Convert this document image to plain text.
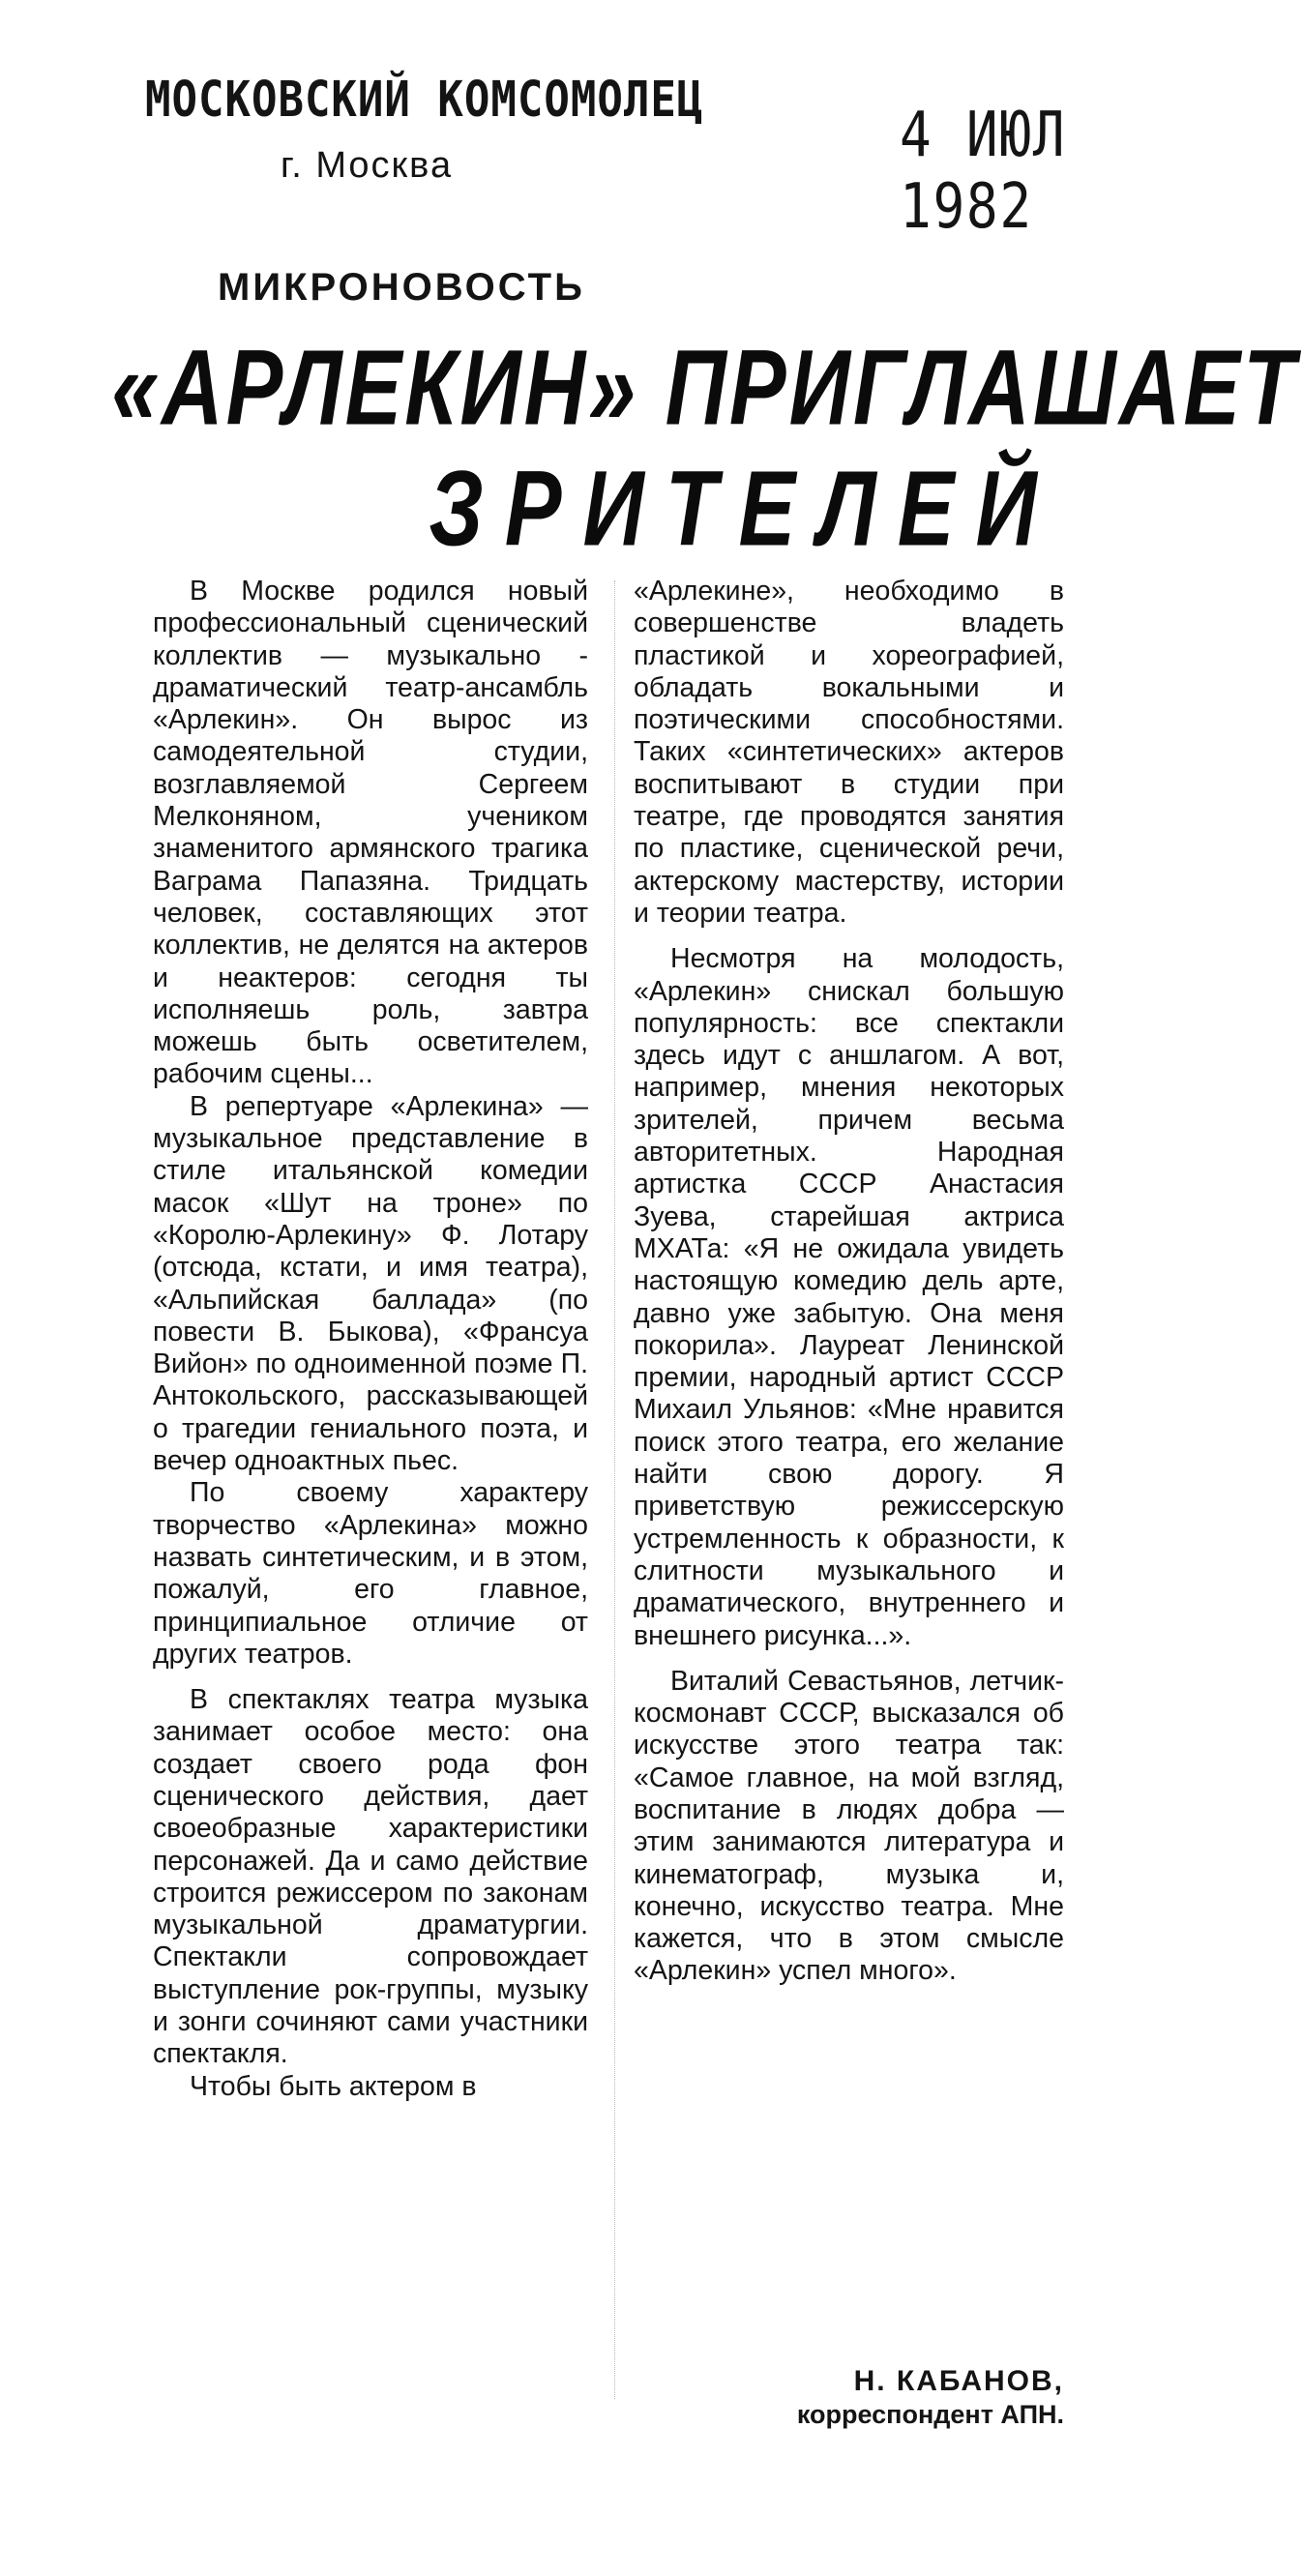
МОСКОВСКИЙ КОМСОМОЛЕЦ
г. Москва	4 ИЮЛ 1982
МИКРОНОВОСТЬ
«АРЛЕКИН» ПРИГЛАШАЕТ
ЗРИТЕЛЕЙ

В Москве родился новый профессиональный сценический коллектив — музыкально - драматический театр-ансамбль «Арлекин». Он вырос из самодеятельной студии, возглавляемой Сергеем Мелконяном, учеником знаменитого армянского трагика Ваграма Папазяна. Тридцать человек, составляющих этот коллектив, не делятся на актеров и неактеров: сегодня ты исполняешь роль, завтра можешь быть осветителем, рабочим сцены...

В репертуаре «Арлекина» — музыкальное представление в стиле итальянской комедии масок «Шут на троне» по «Королю-Арлекину» Ф. Лотару (отсюда, кстати, и имя театра), «Альпийская баллада» (по повести В. Быкова), «Франсуа Вийон» по одноименной поэме П. Антокольского, рассказывающей о трагедии гениального поэта, и вечер одноактных пьес.

По своему характеру творчество «Арлекина» можно назвать синтетическим, и в этом, пожалуй, его главное, принципиальное отличие от других театров.

В спектаклях театра музыка занимает особое место: она создает своего рода фон сценического действия, дает своеобразные характеристики персонажей. Да и само действие строится режиссером по законам музыкальной драматургии. Спектакли сопровождает выступление рок-группы, музыку и зонги сочиняют сами участники спектакля.

Чтобы быть актером в

«Арлекине», необходимо в совершенстве владеть пластикой и хореографией, обладать вокальными и поэтическими способностями. Таких «синтетических» актеров воспитывают в студии при театре, где проводятся занятия по пластике, сценической речи, актерскому мастерству, истории и теории театра.

Несмотря на молодость, «Арлекин» снискал большую популярность: все спектакли здесь идут с аншлагом. А вот, например, мнения некоторых зрителей, причем весьма авторитетных. Народная артистка СССР Анастасия Зуева, старейшая актриса МХАТа: «Я не ожидала увидеть настоящую комедию дель арте, давно уже забытую. Она меня покорила». Лауреат Ленинской премии, народный артист СССР Михаил Ульянов: «Мне нравится поиск этого театра, его желание найти свою дорогу. Я приветствую режиссерскую устремленность к образности, к слитности музыкального и драматического, внутреннего и внешнего рисунка...».

Виталий Севастьянов, летчик-космонавт СССР, высказался об искусстве этого театра так: «Самое главное, на мой взгляд, воспитание в людях добра — этим занимаются литература и кинематограф, музыка и, конечно, искусство театра. Мне кажется, что в этом смысле «Арлекин» успел много».

Н. КАБАНОВ,
корреспондент АПН.
